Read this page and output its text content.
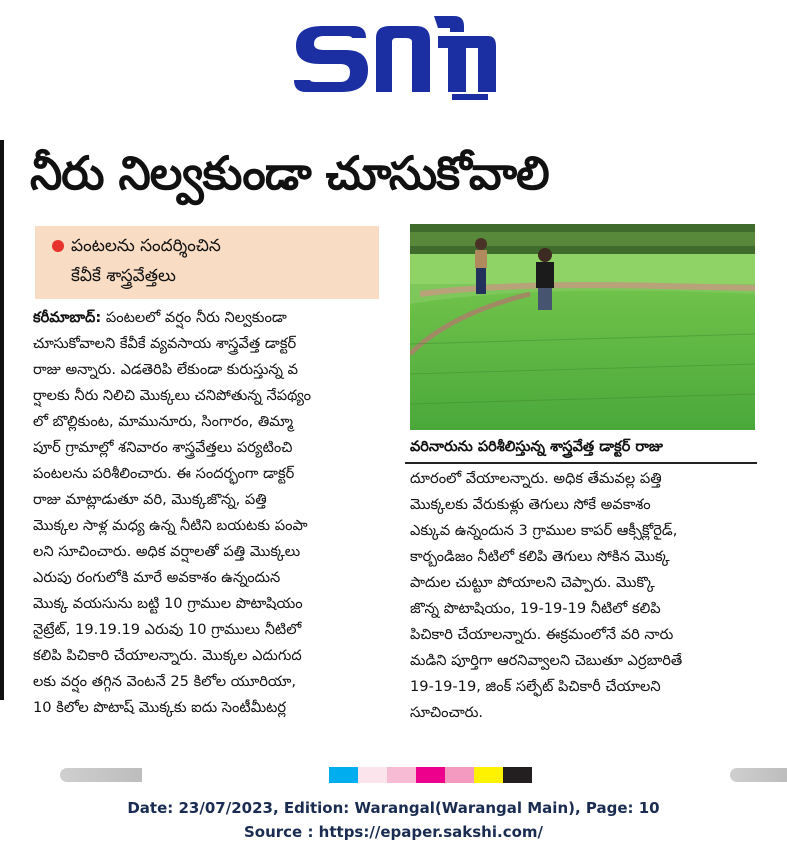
నీరు నిల్వకుండా చూసుకోవాలి
పంటలను సందర్శించిన
కేవీకే శాస్త్రవేత్తలు
వరినారును పరిశీలిస్తున్న శాస్త్రవేత్త డాక్టర్ రాజు
కరీమాబాద్: పంటలలో వర్షం నీరు నిల్వకుండా
చూసుకోవాలని కేవీకే వ్యవసాయ శాస్త్రవేత్త డాక్టర్
రాజు అన్నారు. ఎడతెరిపి లేకుండా కురుస్తున్న వ
ర్షాలకు నీరు నిలిచి మొక్కలు చనిపోతున్న నేపథ్యం
లో బొల్లికుంట, మామునూరు, సింగారం, తిమ్మా
పూర్ గ్రామాల్లో శనివారం శాస్త్రవేత్తలు పర్యటించి
పంటలను పరిశీలించారు. ఈ సందర్భంగా డాక్టర్
రాజు మాట్లాడుతూ వరి, మొక్కజొన్న, పత్తి
మొక్కల సాళ్ల మధ్య ఉన్న నీటిని బయటకు పంపా
లని సూచించారు. అధిక వర్షాలతో పత్తి మొక్కలు
ఎరుపు రంగులోకి మారే అవకాశం ఉన్నందున
మొక్క వయసును బట్టి 10 గ్రాముల పొటాషియం
నైట్రేట్, 19.19.19 ఎరువు 10 గ్రాములు నీటిలో
కలిపి పిచికారి చేయాలన్నారు. మొక్కల ఎదుగుద
లకు వర్షం తగ్గిన వెంటనే 25 కిలోల యూరియా,
10 కిలోల పొటాష్ మొక్కకు ఐదు సెంటీమీటర్ల
దూరంలో వేయాలన్నారు. అధిక తేమవల్ల పత్తి
మొక్కలకు వేరుకుళ్లు తెగులు సోకే అవకాశం
ఎక్కువ ఉన్నందున 3 గ్రాముల కాపర్ ఆక్సీక్లోరైడ్,
కార్బండిజం నీటిలో కలిపి తెగులు సోకిన మొక్క
పాదుల చుట్టూ పోయాలని చెప్పారు. మొక్కొ
జొన్న పొటాషియం, 19-19-19 నీటిలో కలిపి
పిచికారి చేయాలన్నారు. ఈక్రమంలోనే వరి నారు
మడిని పూర్తిగా ఆరనివ్వాలని చెబుతూ ఎర్రబారితే
19-19-19, జింక్ సల్ఫేట్ పిచికారీ చేయాలని
సూచించారు.
Date: 23/07/2023, Edition: Warangal(Warangal Main), Page: 10
Source : https://epaper.sakshi.com/
